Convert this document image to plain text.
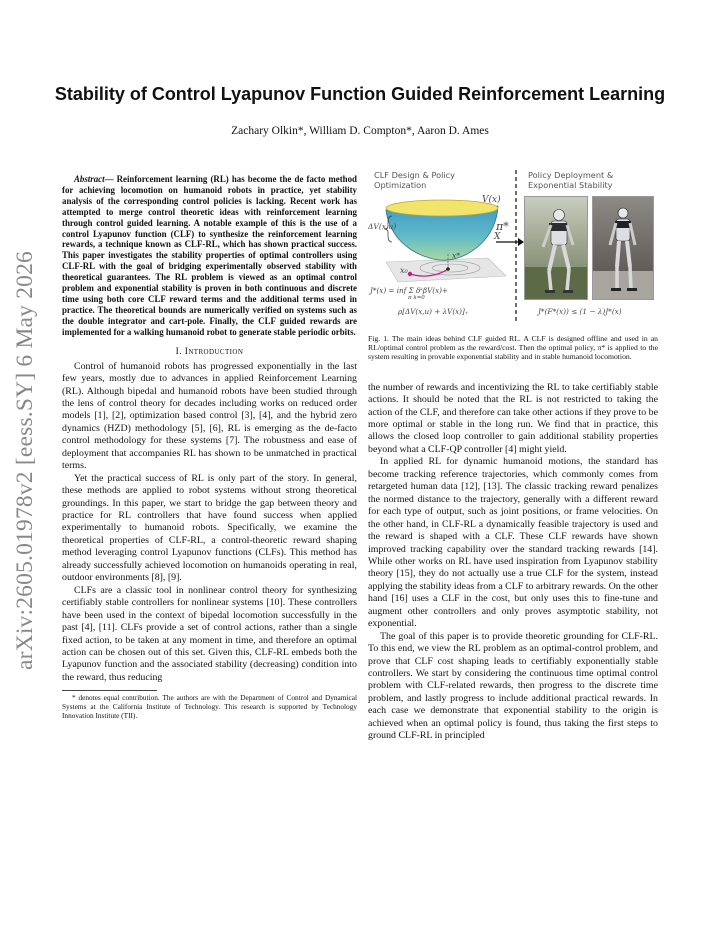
arXiv:2605.01978v2 [eess.SY] 6 May 2026
Stability of Control Lyapunov Function Guided Reinforcement Learning
Zachary Olkin*, William D. Compton*, Aaron D. Ames

Abstract— Reinforcement learning (RL) has become the de facto method for achieving locomotion on humanoid robots in practice, yet stability analysis of the corresponding control policies is lacking. Recent work has attempted to merge control theoretic ideas with reinforcement learning through control guided learning. A notable example of this is the use of a control Lyapunov function (CLF) to synthesize the reinforcement learning rewards, a technique known as CLF-RL, which has shown practical success. This paper investigates the stability properties of optimal controllers using CLF-RL with the goal of bridging experimentally observed stability with theoretical guarantees. The RL problem is viewed as an optimal control problem and exponential stability is proven in both continuous and discrete time using both core CLF reward terms and the additional terms used in practice. The theoretical bounds are numerically verified on systems such as the double integrator and cart-pole. Finally, the CLF guided rewards are implemented for a walking humanoid robot to generate stable periodic orbits.

I. Introduction

Control of humanoid robots has progressed exponentially in the last few years, mostly due to advances in applied Reinforcement Learning (RL). Although bipedal and humanoid robots have been studied through the lens of control theory for decades including works on reduced order models [1], [2], optimization based control [3], [4], and the hybrid zero dynamics (HZD) methodology [5], [6], RL is emerging as the de-facto control methodology for these systems [7]. The robustness and ease of deployment that accompanies RL has shown to be unmatched in practical terms.

Yet the practical success of RL is only part of the story. In general, these methods are applied to robot systems without strong theoretical groundings. In this paper, we start to bridge the gap between theory and practice for RL controllers that have found success when applied experimentally to humanoid robots. Specifically, we examine the theoretical properties of CLF-RL, a control-theoretic reward shaping method leveraging control Lyapunov functions (CLFs). This method has already successfully achieved locomotion on humanoids operating in real, outdoor environments [8], [9].

CLFs are a classic tool in nonlinear control theory for synthesizing certifiably stable controllers for nonlinear systems [10]. These controllers have been used in the context of bipedal locomotion successfully in the past [4], [11]. CLFs provide a set of control actions, rather than a single fixed action, to be taken at any moment in time, and therefore an optimal action can be chosen out of this set. Given this, CLF-RL embeds both the Lyapunov function and the associated stability (decreasing) condition into the reward, thus reducing

* denotes equal contribution. The authors are with the Department of Control and Dynamical Systems at the California Institute of Technology. This research is supported by Technology Innovation Institute (TII).

CLF Design & Policy Optimization
Policy Deployment & Exponential Stability
V(x)
ΔV(x,u)
X
x₀
x*
π*
J*(x) = inf Σ δᵏβV(x)+
π k=0
ρ[ΔV(x,u) + λV(x)]₊	J*(F*(x)) ≤ (1 − λ)J*(x)

Fig. 1. The main ideas behind CLF guided RL. A CLF is designed offline and used in an RL/optimal control problem as the reward/cost. Then the optimal policy, π* is applied to the system resulting in provable exponential stability and in stable humanoid locomotion.

the number of rewards and incentivizing the RL to take certifiably stable actions. It should be noted that the RL is not restricted to taking the action of the CLF, and therefore can take other actions if they prove to be more optimal or stable in the long run. We find that in practice, this allows the closed loop controller to gain additional stability properties beyond what a CLF-QP controller [4] might yield.

In applied RL for dynamic humanoid motions, the standard has become tracking reference trajectories, which commonly comes from retargeted human data [12], [13]. The classic tracking reward penalizes the normed distance to the trajectory, generally with a different reward for each type of output, such as joint positions, or frame velocities. On the other hand, in CLF-RL a dynamically feasible trajectory is used and the reward is shaped with a CLF. These CLF rewards have shown improved tracking capability over the standard tracking rewards [14]. While other works on RL have used inspiration from Lyapunov stability theory [15], they do not actually use a true CLF for the system, instead applying the stability ideas from a CLF to arbitrary rewards. On the other hand [16] uses a CLF in the cost, but only uses this to fine-tune and augment other controllers and only proves asymptotic stability, not exponential.

The goal of this paper is to provide theoretic grounding for CLF-RL. To this end, we view the RL problem as an optimal-control problem, and prove that CLF cost shaping leads to certifiably exponentially stable controllers. We start by considering the continuous time optimal control problem with CLF-related rewards, then progress to the discrete time problem, and lastly progress to include additional practical rewards. In each case we demonstrate that exponential stability to the origin is achieved when an optimal policy is found, thus taking the first steps to ground CLF-RL in principled
